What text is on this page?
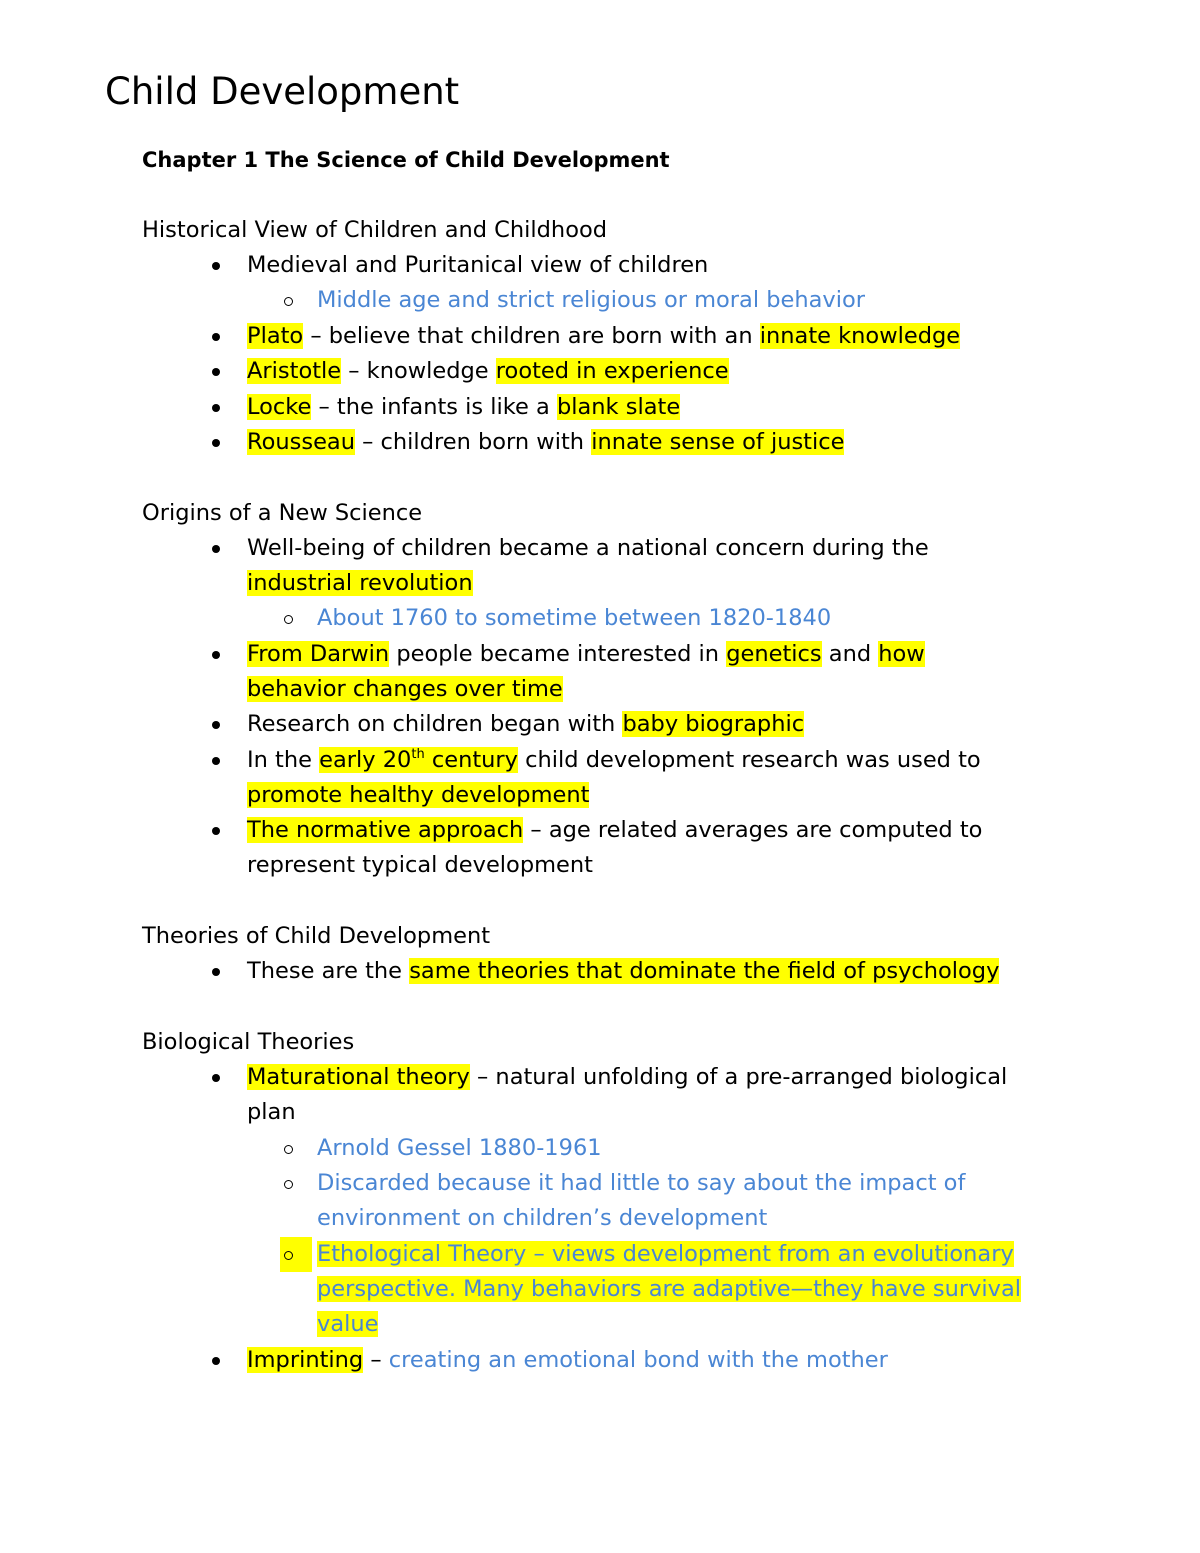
Child Development
Chapter 1 The Science of Child Development
Historical View of Children and Childhood
Medieval and Puritanical view of children
Middle age and strict religious or moral behavior
Plato – believe that children are born with an innate knowledge
Aristotle – knowledge rooted in experience
Locke – the infants is like a blank slate
Rousseau – children born with innate sense of justice
Origins of a New Science
Well-being of children became a national concern during the
industrial revolution
About 1760 to sometime between 1820-1840
From Darwin people became interested in genetics and how
behavior changes over time
Research on children began with baby biographic
In the early 20th century child development research was used to
promote healthy development
The normative approach – age related averages are computed to
represent typical development
Theories of Child Development
These are the same theories that dominate the field of psychology
Biological Theories
Maturational theory – natural unfolding of a pre-arranged biological
plan
Arnold Gessel 1880-1961
Discarded because it had little to say about the impact of
environment on children’s development
Ethological Theory – views development from an evolutionary
perspective. Many behaviors are adaptive—they have survival
value
Imprinting – creating an emotional bond with the mother
